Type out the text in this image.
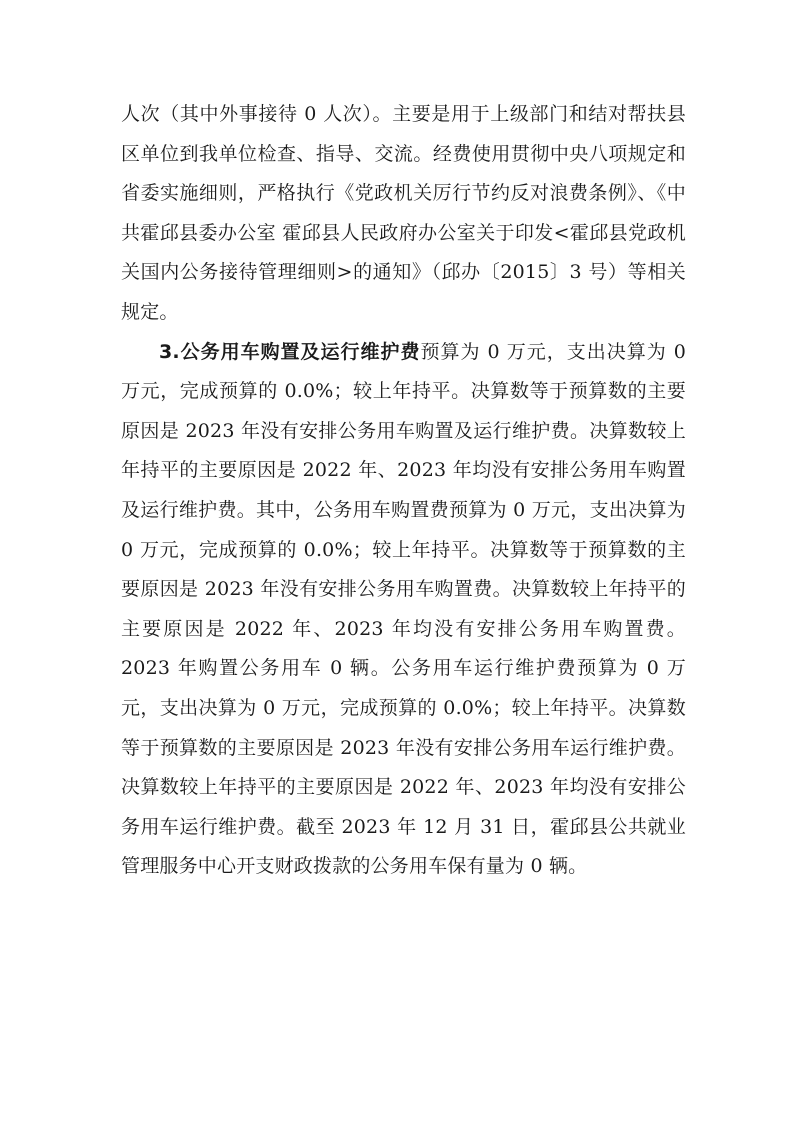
人次（其中外事接待 0 人次）。主要是用于上级部门和结对帮扶县区单位到我单位检查、指导、交流。经费使用贯彻中央八项规定和省委实施细则，严格执行《党政机关厉行节约反对浪费条例》、《中共霍邱县委办公室 霍邱县人民政府办公室关于印发<霍邱县党政机关国内公务接待管理细则>的通知》（邱办〔2015〕3 号）等相关规定。

3.公务用车购置及运行维护费预算为 0 万元，支出决算为 0 万元，完成预算的 0.0%；较上年持平。决算数等于预算数的主要原因是 2023 年没有安排公务用车购置及运行维护费。决算数较上年持平的主要原因是 2022 年、2023 年均没有安排公务用车购置及运行维护费。其中，公务用车购置费预算为 0 万元，支出决算为 0 万元，完成预算的 0.0%；较上年持平。决算数等于预算数的主要原因是 2023 年没有安排公务用车购置费。决算数较上年持平的主要原因是 2022 年、2023 年均没有安排公务用车购置费。2023 年购置公务用车 0 辆。公务用车运行维护费预算为 0 万元，支出决算为 0 万元，完成预算的 0.0%；较上年持平。决算数等于预算数的主要原因是 2023 年没有安排公务用车运行维护费。决算数较上年持平的主要原因是 2022 年、2023 年均没有安排公务用车运行维护费。截至 2023 年 12 月 31 日，霍邱县公共就业管理服务中心开支财政拨款的公务用车保有量为 0 辆。
